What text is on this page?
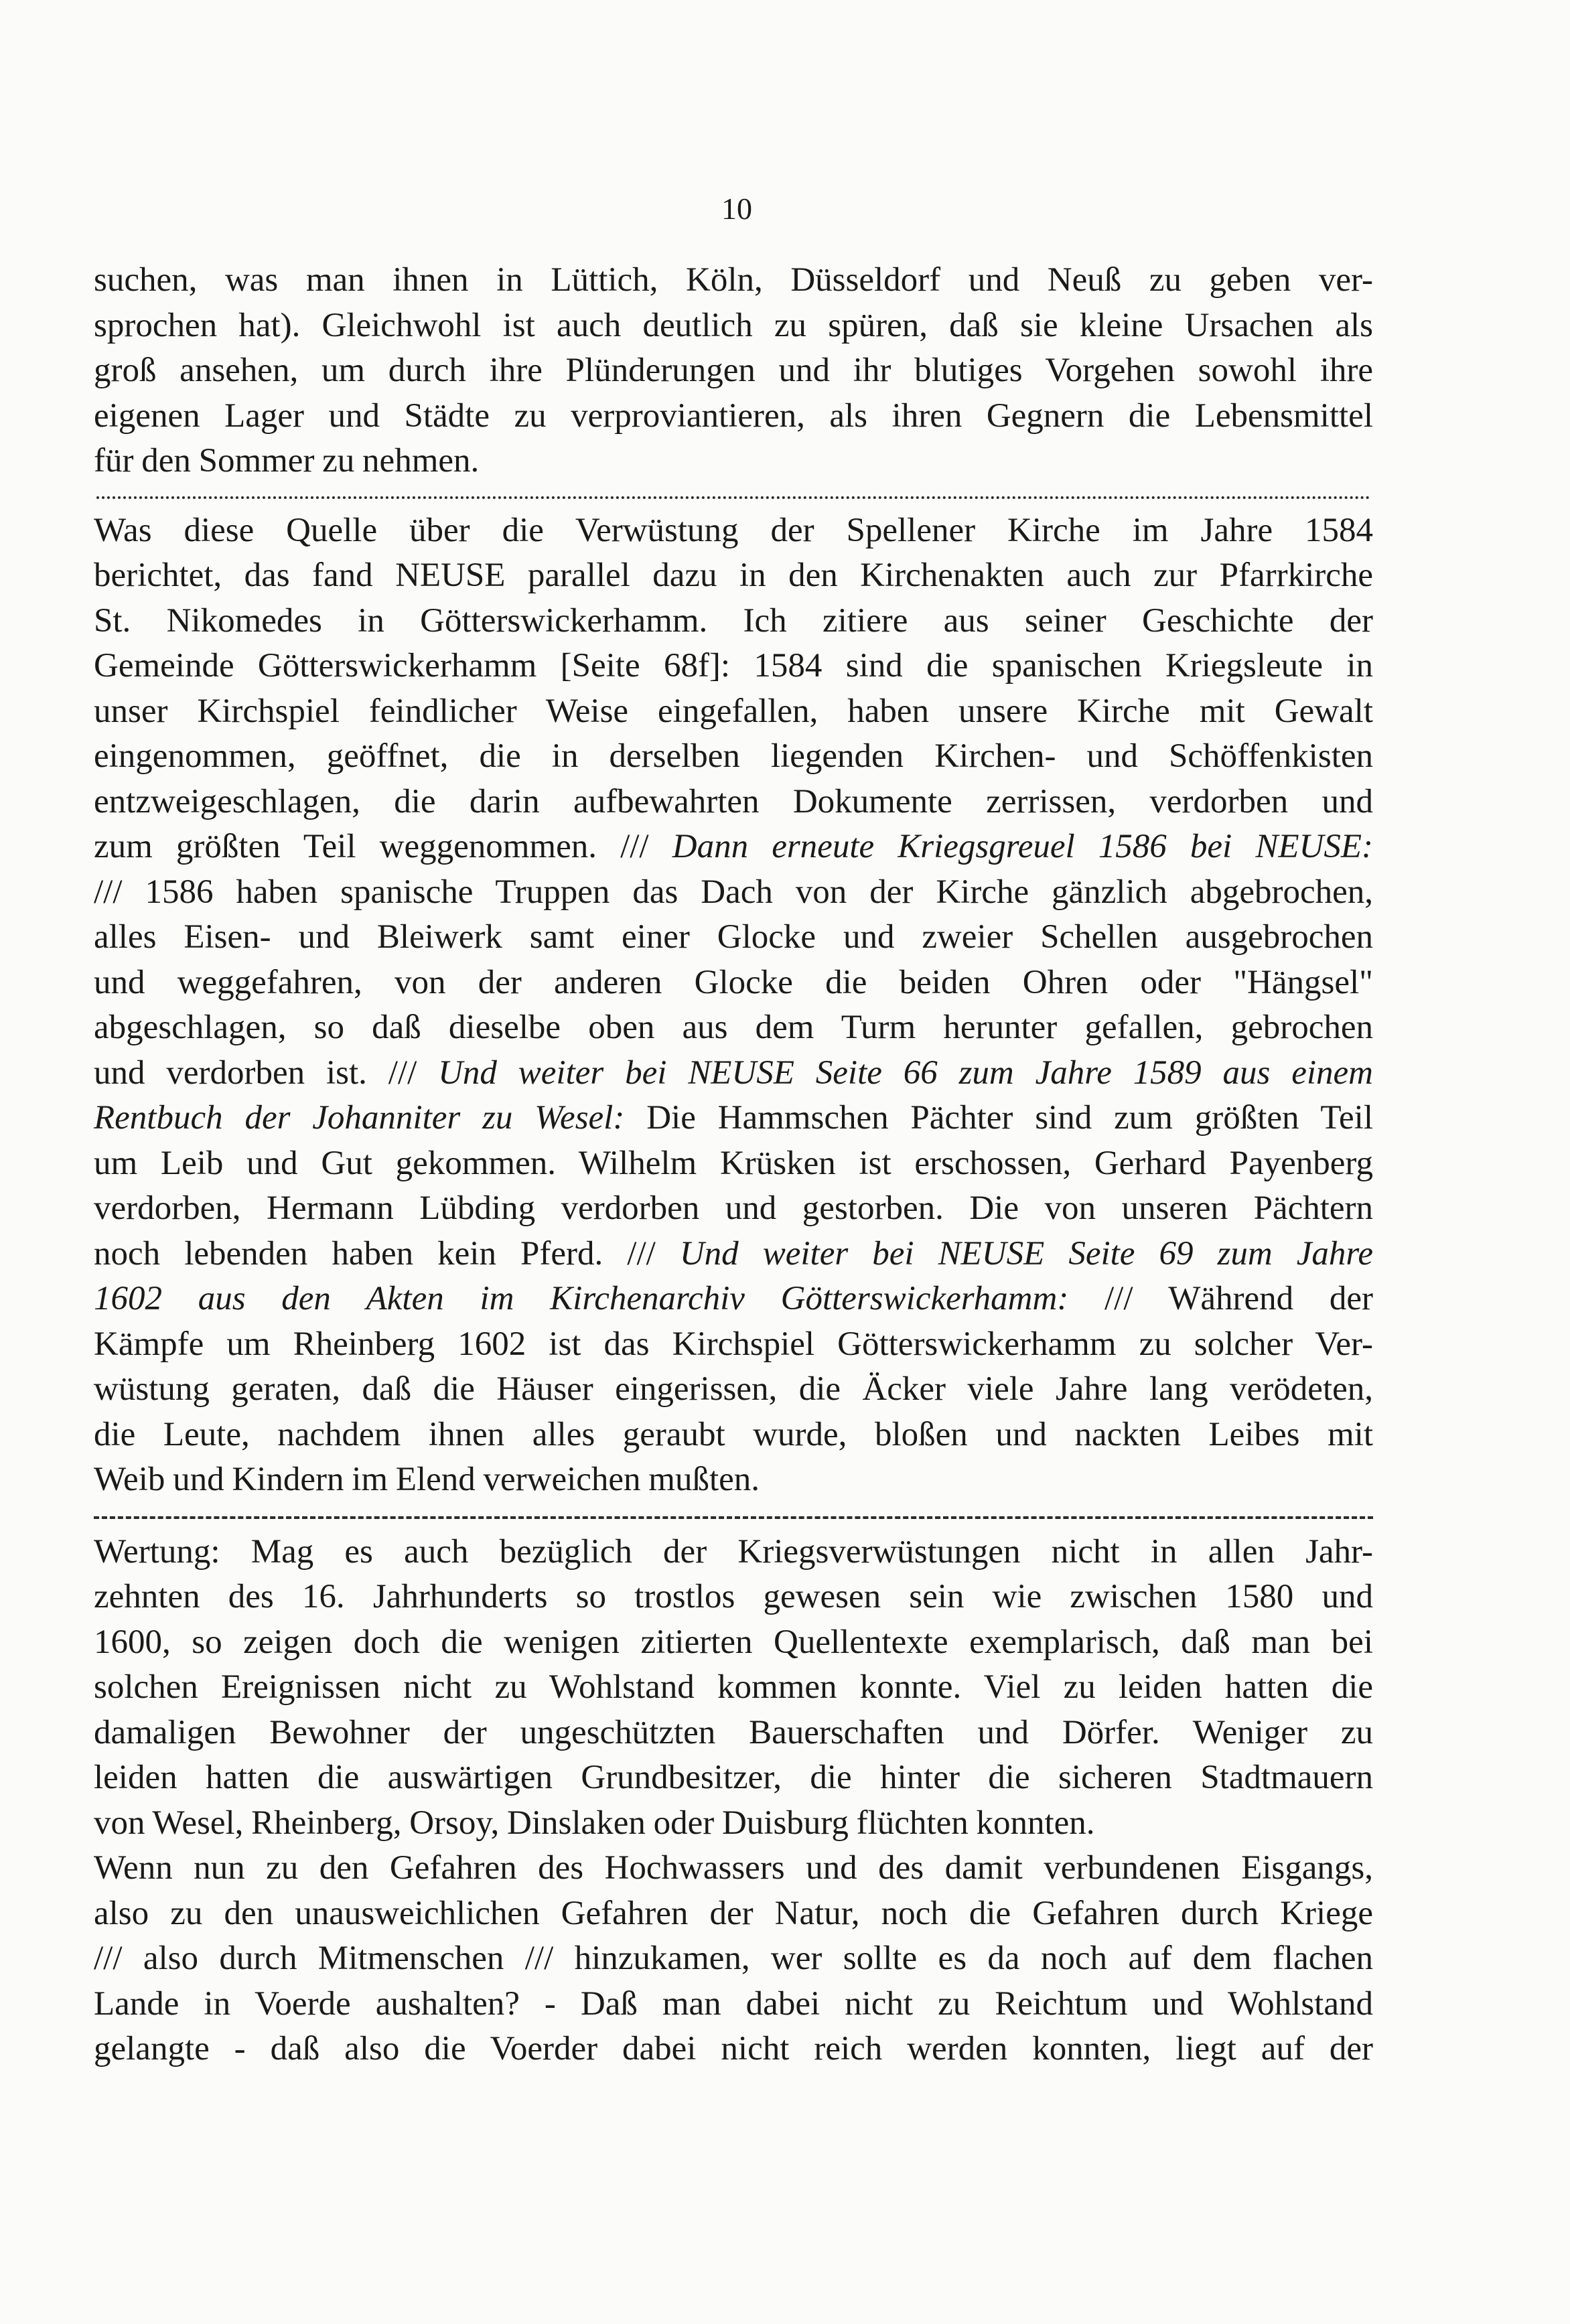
10
suchen, was man ihnen in Lüttich, Köln, Düsseldorf und Neuß zu geben ver-
sprochen hat). Gleichwohl ist auch deutlich zu spüren, daß sie kleine Ursachen als
groß ansehen, um durch ihre Plünderungen und ihr blutiges Vorgehen sowohl ihre
eigenen Lager und Städte zu verproviantieren, als ihren Gegnern die Lebensmittel
für den Sommer zu nehmen.
Was diese Quelle über die Verwüstung der Spellener Kirche im Jahre 1584
berichtet, das fand NEUSE parallel dazu in den Kirchenakten auch zur Pfarrkirche
St. Nikomedes in Götterswickerhamm. Ich zitiere aus seiner Geschichte der
Gemeinde Götterswickerhamm [Seite 68f]: 1584 sind die spanischen Kriegsleute in
unser Kirchspiel feindlicher Weise eingefallen, haben unsere Kirche mit Gewalt
eingenommen, geöffnet, die in derselben liegenden Kirchen- und Schöffenkisten
entzweigeschlagen, die darin aufbewahrten Dokumente zerrissen, verdorben und
zum größten Teil weggenommen. /// Dann erneute Kriegsgreuel 1586 bei NEUSE:
/// 1586 haben spanische Truppen das Dach von der Kirche gänzlich abgebrochen,
alles Eisen- und Bleiwerk samt einer Glocke und zweier Schellen ausgebrochen
und weggefahren, von der anderen Glocke die beiden Ohren oder "Hängsel"
abgeschlagen, so daß dieselbe oben aus dem Turm herunter gefallen, gebrochen
und verdorben ist. /// Und weiter bei NEUSE Seite 66 zum Jahre 1589 aus einem
Rentbuch der Johanniter zu Wesel: Die Hammschen Pächter sind zum größten Teil
um Leib und Gut gekommen. Wilhelm Krüsken ist erschossen, Gerhard Payenberg
verdorben, Hermann Lübding verdorben und gestorben. Die von unseren Pächtern
noch lebenden haben kein Pferd. /// Und weiter bei NEUSE Seite 69 zum Jahre
1602 aus den Akten im Kirchenarchiv Götterswickerhamm: /// Während der
Kämpfe um Rheinberg 1602 ist das Kirchspiel Götterswickerhamm zu solcher Ver-
wüstung geraten, daß die Häuser eingerissen, die Äcker viele Jahre lang verödeten,
die Leute, nachdem ihnen alles geraubt wurde, bloßen und nackten Leibes mit
Weib und Kindern im Elend verweichen mußten.
Wertung: Mag es auch bezüglich der Kriegsverwüstungen nicht in allen Jahr-
zehnten des 16. Jahrhunderts so trostlos gewesen sein wie zwischen 1580 und
1600, so zeigen doch die wenigen zitierten Quellentexte exemplarisch, daß man bei
solchen Ereignissen nicht zu Wohlstand kommen konnte. Viel zu leiden hatten die
damaligen Bewohner der ungeschützten Bauerschaften und Dörfer. Weniger zu
leiden hatten die auswärtigen Grundbesitzer, die hinter die sicheren Stadtmauern
von Wesel, Rheinberg, Orsoy, Dinslaken oder Duisburg flüchten konnten.
Wenn nun zu den Gefahren des Hochwassers und des damit verbundenen Eisgangs,
also zu den unausweichlichen Gefahren der Natur, noch die Gefahren durch Kriege
/// also durch Mitmenschen /// hinzukamen, wer sollte es da noch auf dem flachen
Lande in Voerde aushalten? - Daß man dabei nicht zu Reichtum und Wohlstand
gelangte - daß also die Voerder dabei nicht reich werden konnten, liegt auf der
